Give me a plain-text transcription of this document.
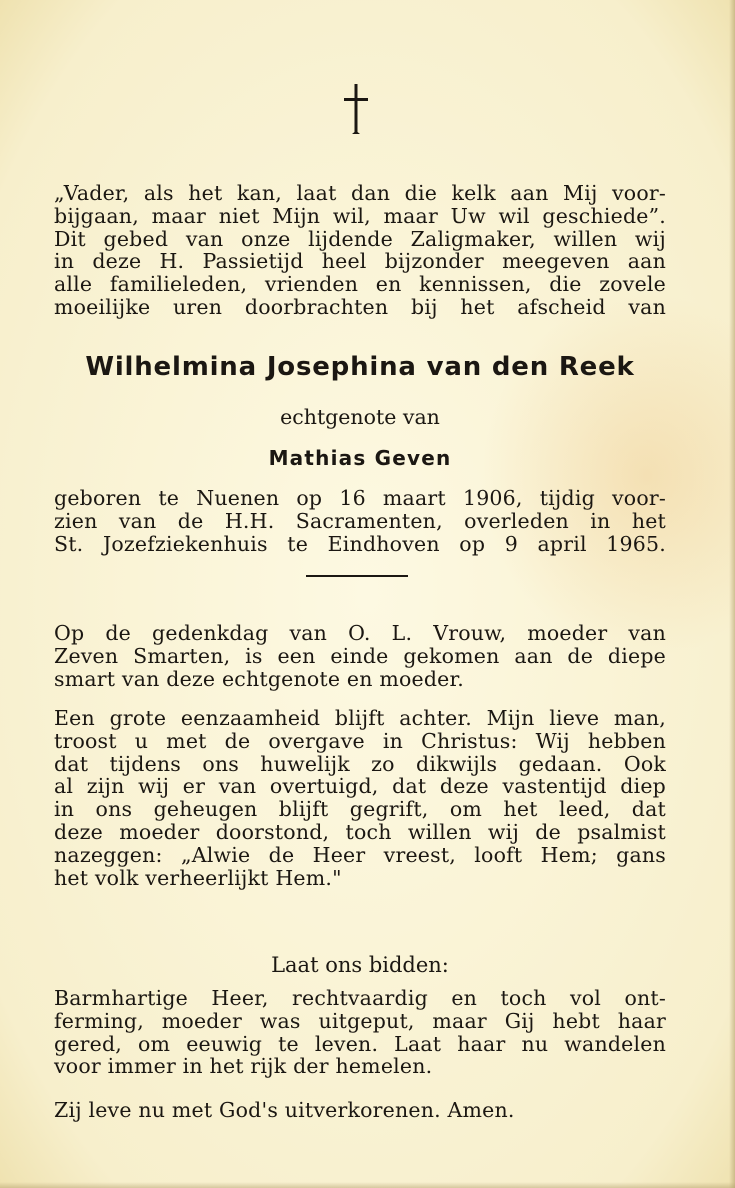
„Vader, als het kan, laat dan die kelk aan Mij voor-
bijgaan, maar niet Mijn wil, maar Uw wil geschiede”.
Dit gebed van onze lijdende Zaligmaker, willen wij
in deze H. Passietijd heel bijzonder meegeven aan
alle familieleden, vrienden en kennissen, die zovele
moeilijke uren doorbrachten bij het afscheid van
Wilhelmina Josephina van den Reek
echtgenote van
Mathias Geven
geboren te Nuenen op 16 maart 1906, tijdig voor-
zien van de H.H. Sacramenten, overleden in het
St. Jozefziekenhuis te Eindhoven op 9 april 1965.
Op de gedenkdag van O. L. Vrouw, moeder van
Zeven Smarten, is een einde gekomen aan de diepe
smart van deze echtgenote en moeder.
Een grote eenzaamheid blijft achter. Mijn lieve man,
troost u met de overgave in Christus: Wij hebben
dat tijdens ons huwelijk zo dikwijls gedaan. Ook
al zijn wij er van overtuigd, dat deze vastentijd diep
in ons geheugen blijft gegrift, om het leed, dat
deze moeder doorstond, toch willen wij de psalmist
nazeggen: „Alwie de Heer vreest, looft Hem; gans
het volk verheerlijkt Hem."
Laat ons bidden:
Barmhartige Heer, rechtvaardig en toch vol ont-
ferming, moeder was uitgeput, maar Gij hebt haar
gered, om eeuwig te leven. Laat haar nu wandelen
voor immer in het rijk der hemelen.
Zij leve nu met God's uitverkorenen. Amen.
